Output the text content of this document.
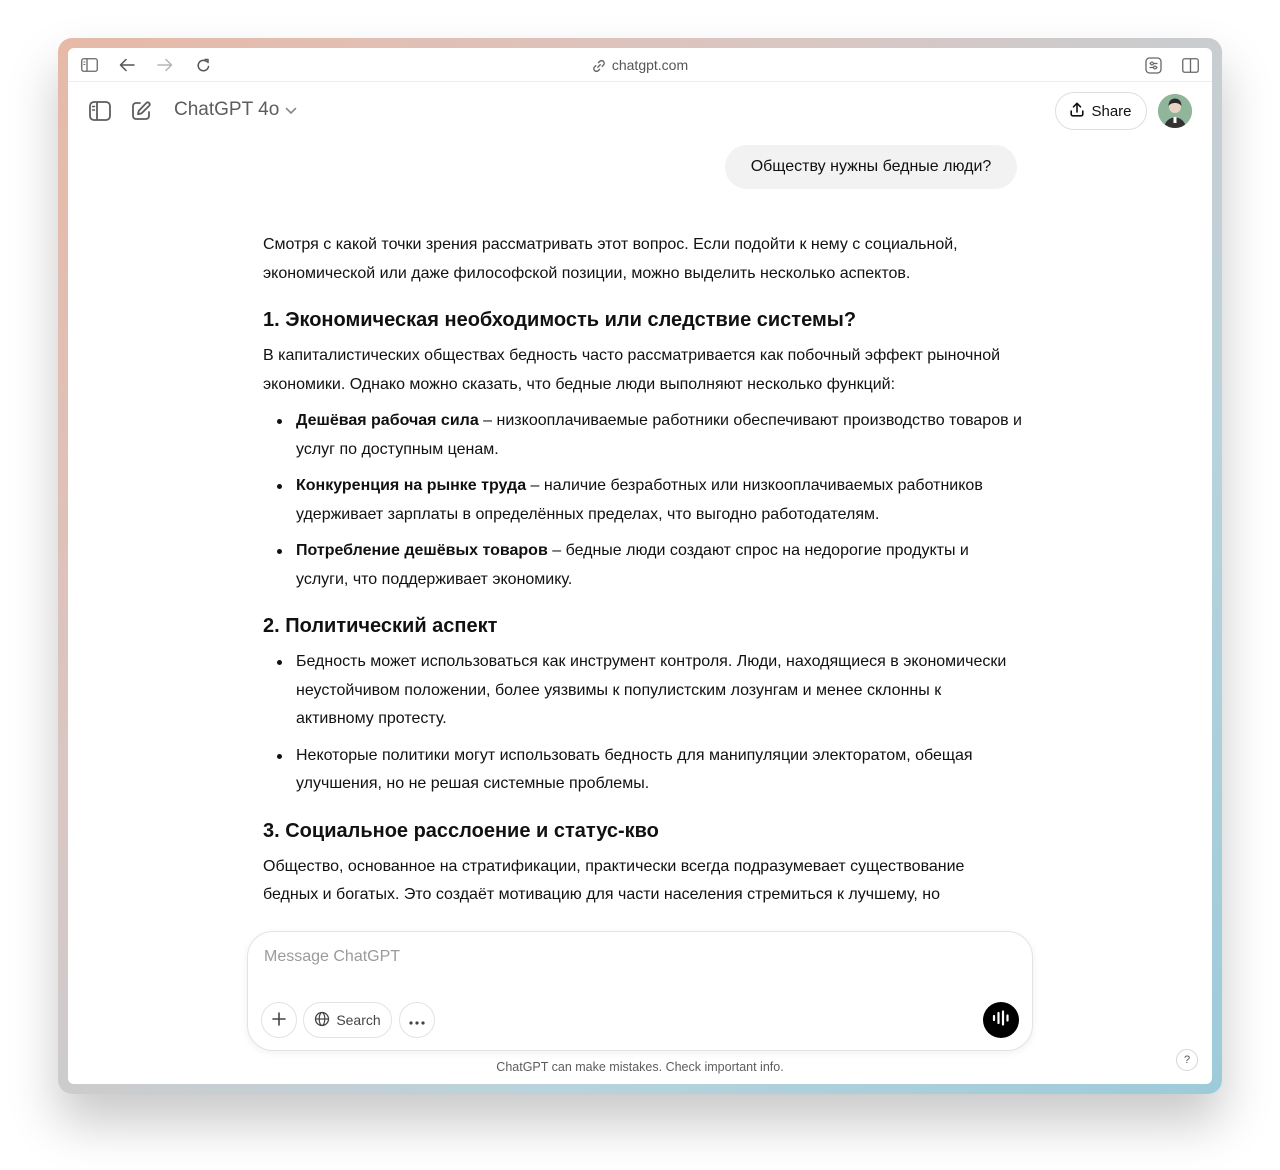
chatgpt.com
ChatGPT 4o	Share
Обществу нужны бедные люди?

Смотря с какой точки зрения рассматривать этот вопрос. Если подойти к нему с социальной, экономической или даже философской позиции, можно выделить несколько аспектов.

1. Экономическая необходимость или следствие системы?

В капиталистических обществах бедность часто рассматривается как побочный эффект рыночной экономики. Однако можно сказать, что бедные люди выполняют несколько функций:

Дешёвая рабочая сила – низкооплачиваемые работники обеспечивают производство товаров и услуг по доступным ценам.
Конкуренция на рынке труда – наличие безработных или низкооплачиваемых работников удерживает зарплаты в определённых пределах, что выгодно работодателям.
Потребление дешёвых товаров – бедные люди создают спрос на недорогие продукты и услуги, что поддерживает экономику.
2. Политический аспект
Бедность может использоваться как инструмент контроля. Люди, находящиеся в экономически неустойчивом положении, более уязвимы к популистским лозунгам и менее склонны к активному протесту.
Некоторые политики могут использовать бедность для манипуляции электоратом, обещая улучшения, но не решая системные проблемы.
3. Социальное расслоение и статус-кво

Общество, основанное на стратификации, практически всегда подразумевает существование бедных и богатых. Это создаёт мотивацию для части населения стремиться к лучшему, но

Message ChatGPT
Search
ChatGPT can make mistakes. Check important info.	?
